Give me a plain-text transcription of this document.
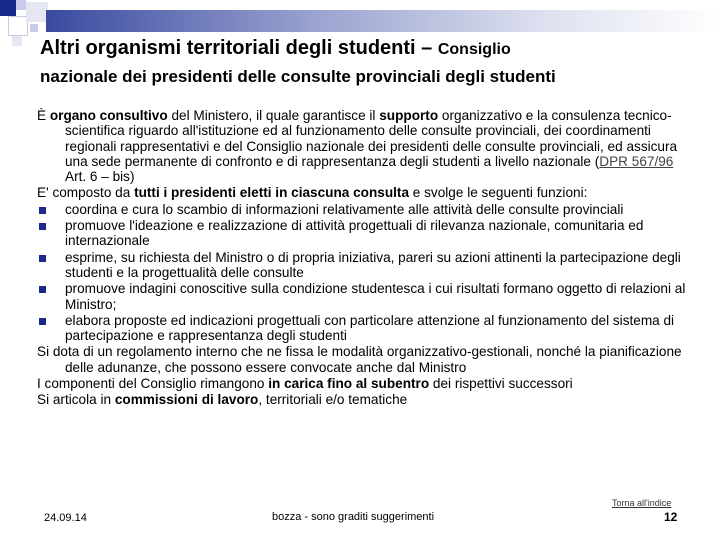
Altri organismi territoriali degli studenti – Consiglio
nazionale dei presidenti delle consulte provinciali degli studenti

È organo consultivo del Ministero, il quale garantisce il supporto organizzativo e la consulenza tecnico-scientifica riguardo all'istituzione ed al funzionamento delle consulte provinciali, dei coordinamenti regionali rappresentativi e del Consiglio nazionale dei presidenti delle consulte provinciali, ed assicura una sede permanente di confronto e di rappresentanza degli studenti a livello nazionale (DPR 567/96 Art. 6 – bis)

E' composto da tutti i presidenti eletti in ciascuna consulta e svolge le seguenti funzioni:

coordina e cura lo scambio di informazioni relativamente alle attività delle consulte provinciali
promuove l'ideazione e realizzazione di attività progettuali di rilevanza nazionale, comunitaria ed internazionale
esprime, su richiesta del Ministro o di propria iniziativa, pareri su azioni attinenti la partecipazione degli studenti e la progettualità delle consulte
promuove indagini conoscitive sulla condizione studentesca i cui risultati formano oggetto di relazioni al Ministro;
elabora proposte ed indicazioni progettuali con particolare attenzione al funzionamento del sistema di partecipazione e rappresentanza degli studenti

Si dota di un regolamento interno che ne fissa le modalità organizzativo-gestionali, nonché la pianificazione delle adunanze, che possono essere convocate anche dal Ministro

I componenti del Consiglio rimangono in carica fino al subentro dei rispettivi successori

Si articola in commissioni di lavoro, territoriali e/o tematiche

24.09.14	bozza - sono graditi suggerimenti
Torna all'indice
12
